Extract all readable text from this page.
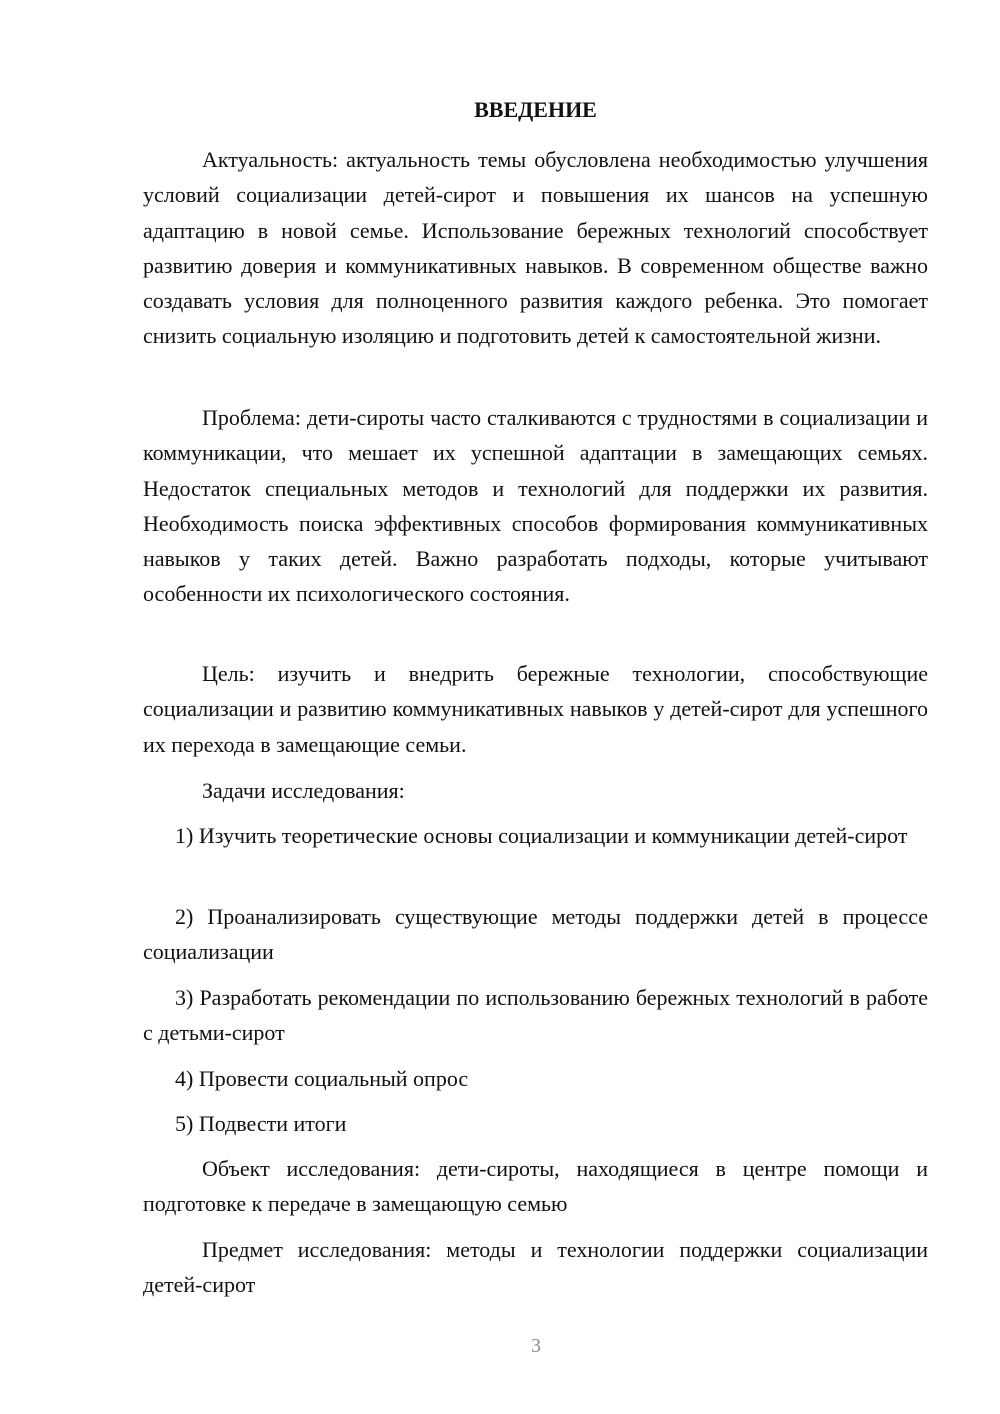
ВВЕДЕНИЕ

Актуальность: актуальность темы обусловлена необходимостью улучшения условий социализации детей-сирот и повышения их шансов на успешную адаптацию в новой семье. Использование бережных технологий способствует развитию доверия и коммуникативных навыков. В современном обществе важно создавать условия для полноценного развития каждого ребенка. Это помогает снизить социальную изоляцию и подготовить детей к самостоятельной жизни.

Проблема: дети-сироты часто сталкиваются с трудностями в социализации и коммуникации, что мешает их успешной адаптации в замещающих семьях. Недостаток специальных методов и технологий для поддержки их развития. Необходимость поиска эффективных способов формирования коммуникативных навыков у таких детей. Важно разработать подходы, которые учитывают особенности их психологического состояния.

Цель: изучить и внедрить бережные технологии, способствующие социализации и развитию коммуникативных навыков у детей-сирот для успешного их перехода в замещающие семьи.

Задачи исследования:

1) Изучить теоретические основы социализации и коммуникации детей-сирот

2) Проанализировать существующие методы поддержки детей в процессе социализации

3) Разработать рекомендации по использованию бережных технологий в работе с детьми-сирот

4) Провести социальный опрос

5) Подвести итоги

Объект исследования: дети-сироты, находящиеся в центре помощи и подготовке к передаче в замещающую семью

Предмет исследования: методы и технологии поддержки социализации детей-сирот

3
